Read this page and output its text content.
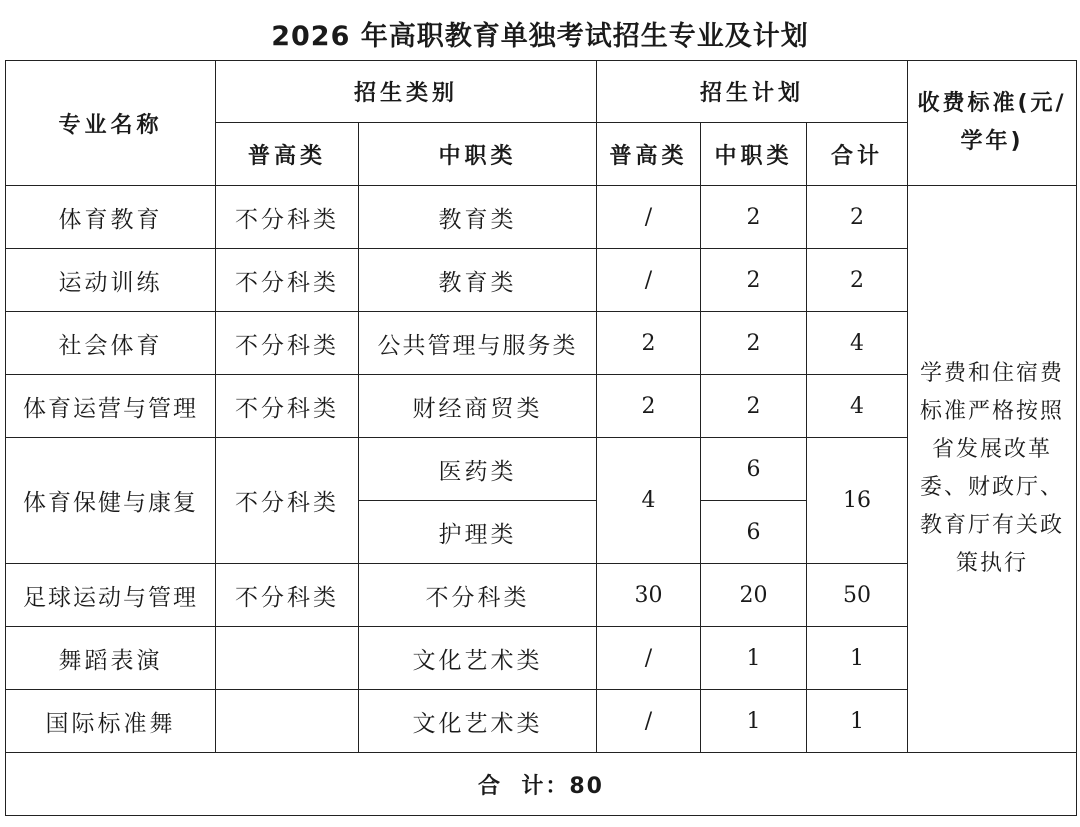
2026 年高职教育单独考试招生专业及计划
专业名称	招生类别		招生计划			收费标准(元/学年)
	普高类	中职类	普高类	中职类	合计	
体育教育	不分科类	教育类	/	2	2	学费和住宿费标准严格按照省发展改革委、财政厅、教育厅有关政策执行
运动训练	不分科类	教育类	/	2	2	
社会体育	不分科类	公共管理与服务类	2	2	4	
体育运营与管理	不分科类	财经商贸类	2	2	4	
体育保健与康复	不分科类	医药类	4	6	16	
		护理类		6		
足球运动与管理	不分科类	不分科类	30	20	50	
舞蹈表演		文化艺术类	/	1	1	
国际标准舞		文化艺术类	/	1	1	
合  计：80						
